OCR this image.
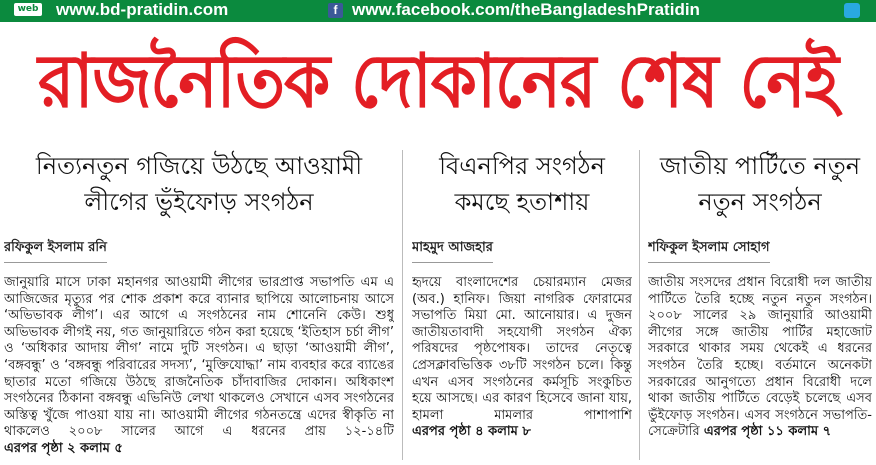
web www.bd-pratidin.com	f www.facebook.com/theBangladeshPratidin
রাজনৈতিক দোকানের শেষ নেই
নিত্যনতুন গজিয়ে উঠছে আওয়ামী
লীগের ভুঁইফোড় সংগঠন
রফিকুল ইসলাম রনি
জানুয়ারি মাসে ঢাকা মহানগর আওয়ামী লীগের ভারপ্রাপ্ত সভাপতি এম এ আজিজের মৃত্যুর পর শোক প্রকাশ করে ব্যানার ছাপিয়ে আলোচনায় আসে ‘অভিভাবক লীগ’। এর আগে এ সংগঠনের নাম শোনেনি কেউ। শুধু অভিভাবক লীগই নয়, গত জানুয়ারিতে গঠন করা হয়েছে ‘ইতিহাস চর্চা লীগ’ ও ‘অধিকার আদায় লীগ’ নামে দুটি সংগঠন। এ ছাড়া ‘আওয়ামী লীগ’, ‘বঙ্গবন্ধু’ ও ‘বঙ্গবন্ধু পরিবারের সদস্য’, ‘মুক্তিযোদ্ধা’ নাম ব্যবহার করে ব্যাঙের ছাতার মতো গজিয়ে উঠছে রাজনৈতিক চাঁদাবাজির দোকান। অধিকাংশ সংগঠনের ঠিকানা বঙ্গবন্ধু এভিনিউ লেখা থাকলেও সেখানে এসব সংগঠনের অস্তিত্ব খুঁজে পাওয়া যায় না। আওয়ামী লীগের গঠনতন্ত্রে এদের স্বীকৃতি না থাকলেও ২০০৮ সালের আগে এ ধরনের প্রায় ১২-১৪টি এরপর পৃষ্ঠা ২ কলাম ৫
বিএনপির সংগঠন
কমছে হতাশায়
মাহমুদ আজহার
হৃদয়ে বাংলাদেশের চেয়ারম্যান মেজর (অব.) হানিফ। জিয়া নাগরিক ফোরামের সভাপতি মিয়া মো. আনোয়ার। এ দুজন জাতীয়তাবাদী সহযোগী সংগঠন ঐক্য পরিষদের পৃষ্ঠপোষক। তাদের নেতৃত্বে প্রেসক্লাবভিত্তিক ৩৮টি সংগঠন চলে। কিন্তু এখন এসব সংগঠনের কর্মসূচি সংকুচিত হয়ে আসছে। এর কারণ হিসেবে জানা যায়, হামলা মামলার পাশাপাশি এরপর পৃষ্ঠা ৪ কলাম ৮
জাতীয় পার্টিতে নতুন
নতুন সংগঠন
শফিকুল ইসলাম সোহাগ
জাতীয় সংসদের প্রধান বিরোধী দল জাতীয় পার্টিতে তৈরি হচ্ছে নতুন নতুন সংগঠন। ২০০৮ সালের ২৯ জানুয়ারি আওয়ামী লীগের সঙ্গে জাতীয় পার্টির মহাজোট সরকারে থাকার সময় থেকেই এ ধরনের সংগঠন তৈরি হচ্ছে। বর্তমানে অনেকটা সরকারের আনুগত্যে প্রধান বিরোধী দলে থাকা জাতীয় পার্টিতে বেড়েই চলেছে এসব ভুঁইফোড় সংগঠন। এসব সংগঠনে সভাপতি-সেক্রেটারি এরপর পৃষ্ঠা ১১ কলাম ৭
